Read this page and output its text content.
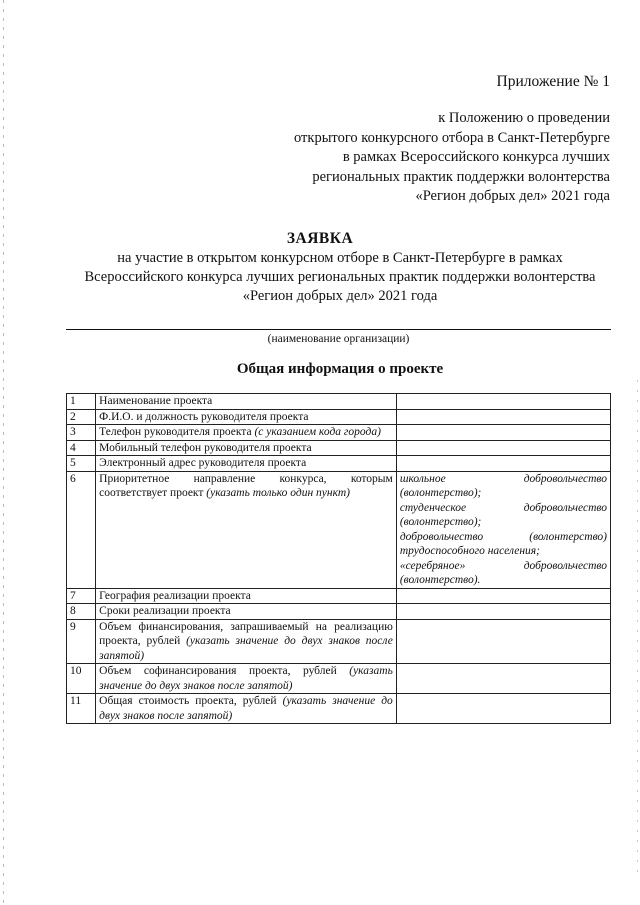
Приложение № 1
к Положению о проведении
открытого конкурсного отбора в Санкт-Петербурге
в рамках Всероссийского конкурса лучших
региональных практик поддержки волонтерства
«Регион добрых дел» 2021 года
ЗАЯВКА
на участие в открытом конкурсном отборе в Санкт-Петербурге в рамках
Всероссийского конкурса лучших региональных практик поддержки волонтерства
«Регион добрых дел» 2021 года
(наименование организации)
Общая информация о проекте
1	Наименование проекта	
2	Ф.И.О. и должность руководителя проекта	
3	Телефон руководителя проекта (с указанием кода города)	
4	Мобильный телефон руководителя проекта	
5	Электронный адрес руководителя проекта	
6	Приоритетное направление конкурса, которым соответствует проект (указать только один пункт)	школьное добровольчество (волонтерство);
студенческое добровольчество (волонтерство);
добровольчество (волонтерство) трудоспособного населения;
«серебряное» добровольчество (волонтерство).

7	География реализации проекта	
8	Сроки реализации проекта	
9	Объем финансирования, запрашиваемый на реализацию проекта, рублей (указать значение до двух знаков после запятой)	
10	Объем софинансирования проекта, рублей (указать значение до двух знаков после запятой)	
11	Общая стоимость проекта, рублей (указать значение до двух знаков после запятой)	
